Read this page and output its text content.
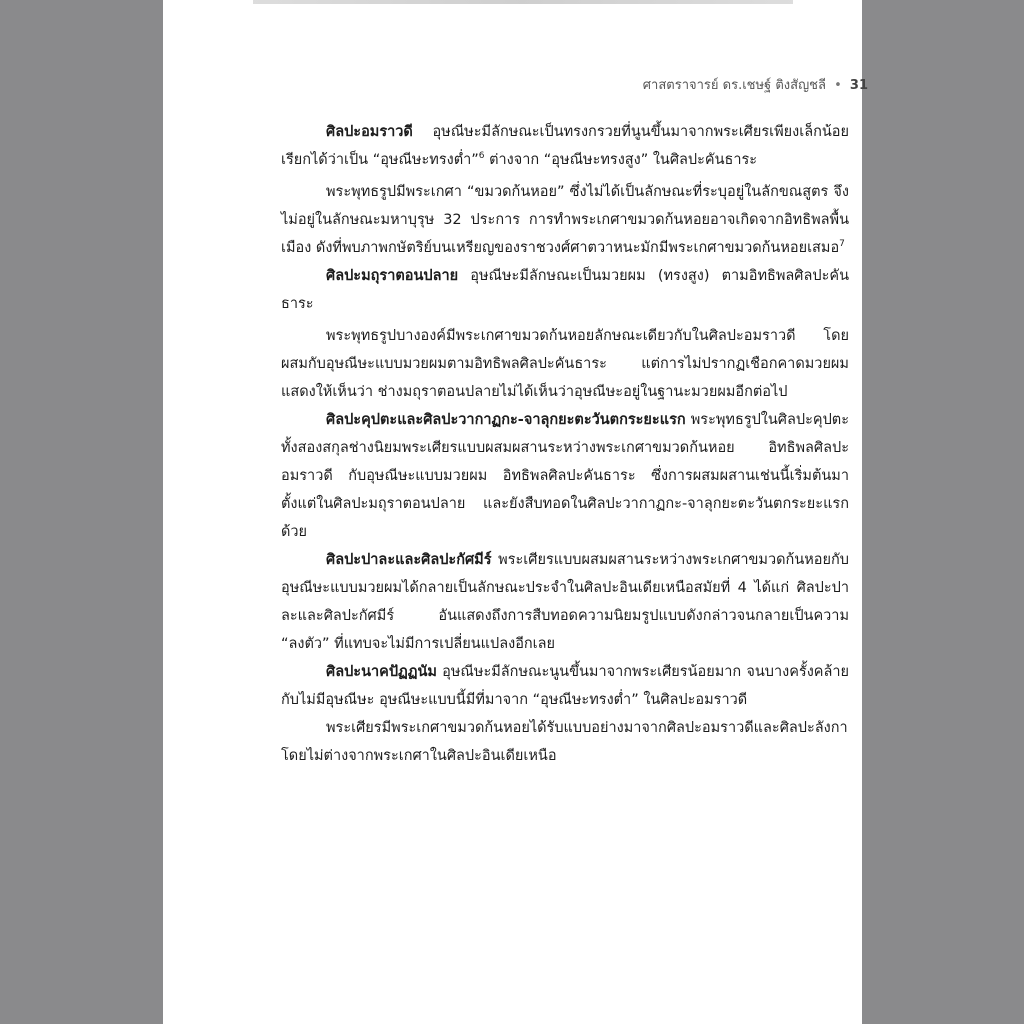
ศาสตราจารย์ ดร.เชษฐ์ ติงสัญชลี • 31

ศิลปะอมราวดี อุษณีษะมีลักษณะเป็นทรงกรวยที่นูนขึ้นมาจากพระเศียรเพียงเล็กน้อย เรียกได้ว่าเป็น “อุษณีษะทรงต่ำ”$^6$ ต่างจาก “อุษณีษะทรงสูง” ในศิลปะคันธาระ

พระพุทธรูปมีพระเกศา “ขมวดก้นหอย” ซึ่งไม่ได้เป็นลักษณะที่ระบุอยู่ในลักขณสูตร จึงไม่อยู่ในลักษณะมหาบุรุษ 32 ประการ การทำพระเกศาขมวดก้นหอยอาจเกิดจากอิทธิพลพื้นเมือง ดังที่พบภาพกษัตริย์บนเหรียญของราชวงศ์ศาตวาหนะมักมีพระเกศาขมวดก้นหอยเสมอ$^7$

ศิลปะมถุราตอนปลาย อุษณีษะมีลักษณะเป็นมวยผม (ทรงสูง) ตามอิทธิพลศิลปะคันธาระ

พระพุทธรูปบางองค์มีพระเกศาขมวดก้นหอยลักษณะเดียวกับในศิลปะอมราวดี โดยผสมกับอุษณีษะแบบมวยผมตามอิทธิพลศิลปะคันธาระ แต่การไม่ปรากฏเชือกคาดมวยผมแสดงให้เห็นว่า ช่างมถุราตอนปลายไม่ได้เห็นว่าอุษณีษะอยู่ในฐานะมวยผมอีกต่อไป

ศิลปะคุปตะและศิลปะวากาฏกะ-จาลุกยะตะวันตกระยะแรก พระพุทธรูปในศิลปะคุปตะทั้งสองสกุลช่างนิยมพระเศียรแบบผสมผสานระหว่างพระเกศาขมวดก้นหอย อิทธิพลศิลปะอมราวดี กับอุษณีษะแบบมวยผม อิทธิพลศิลปะคันธาระ ซึ่งการผสมผสานเช่นนี้เริ่มต้นมาตั้งแต่ในศิลปะมถุราตอนปลาย และยังสืบทอดในศิลปะวากาฏกะ-จาลุกยะตะวันตกระยะแรกด้วย

ศิลปะปาละและศิลปะกัศมีร์ พระเศียรแบบผสมผสานระหว่างพระเกศาขมวดก้นหอยกับอุษณีษะแบบมวยผมได้กลายเป็นลักษณะประจำในศิลปะอินเดียเหนือสมัยที่ 4 ได้แก่ ศิลปะปาละและศิลปะกัศมีร์ อันแสดงถึงการสืบทอดความนิยมรูปแบบดังกล่าวจนกลายเป็นความ “ลงตัว” ที่แทบจะไม่มีการเปลี่ยนแปลงอีกเลย

ศิลปะนาคปัฏฏนัม อุษณีษะมีลักษณะนูนขึ้นมาจากพระเศียรน้อยมาก จนบางครั้งคล้ายกับไม่มีอุษณีษะ อุษณีษะแบบนี้มีที่มาจาก “อุษณีษะทรงต่ำ” ในศิลปะอมราวดี

พระเศียรมีพระเกศาขมวดก้นหอยได้รับแบบอย่างมาจากศิลปะอมราวดีและศิลปะลังกา โดยไม่ต่างจากพระเกศาในศิลปะอินเดียเหนือ
